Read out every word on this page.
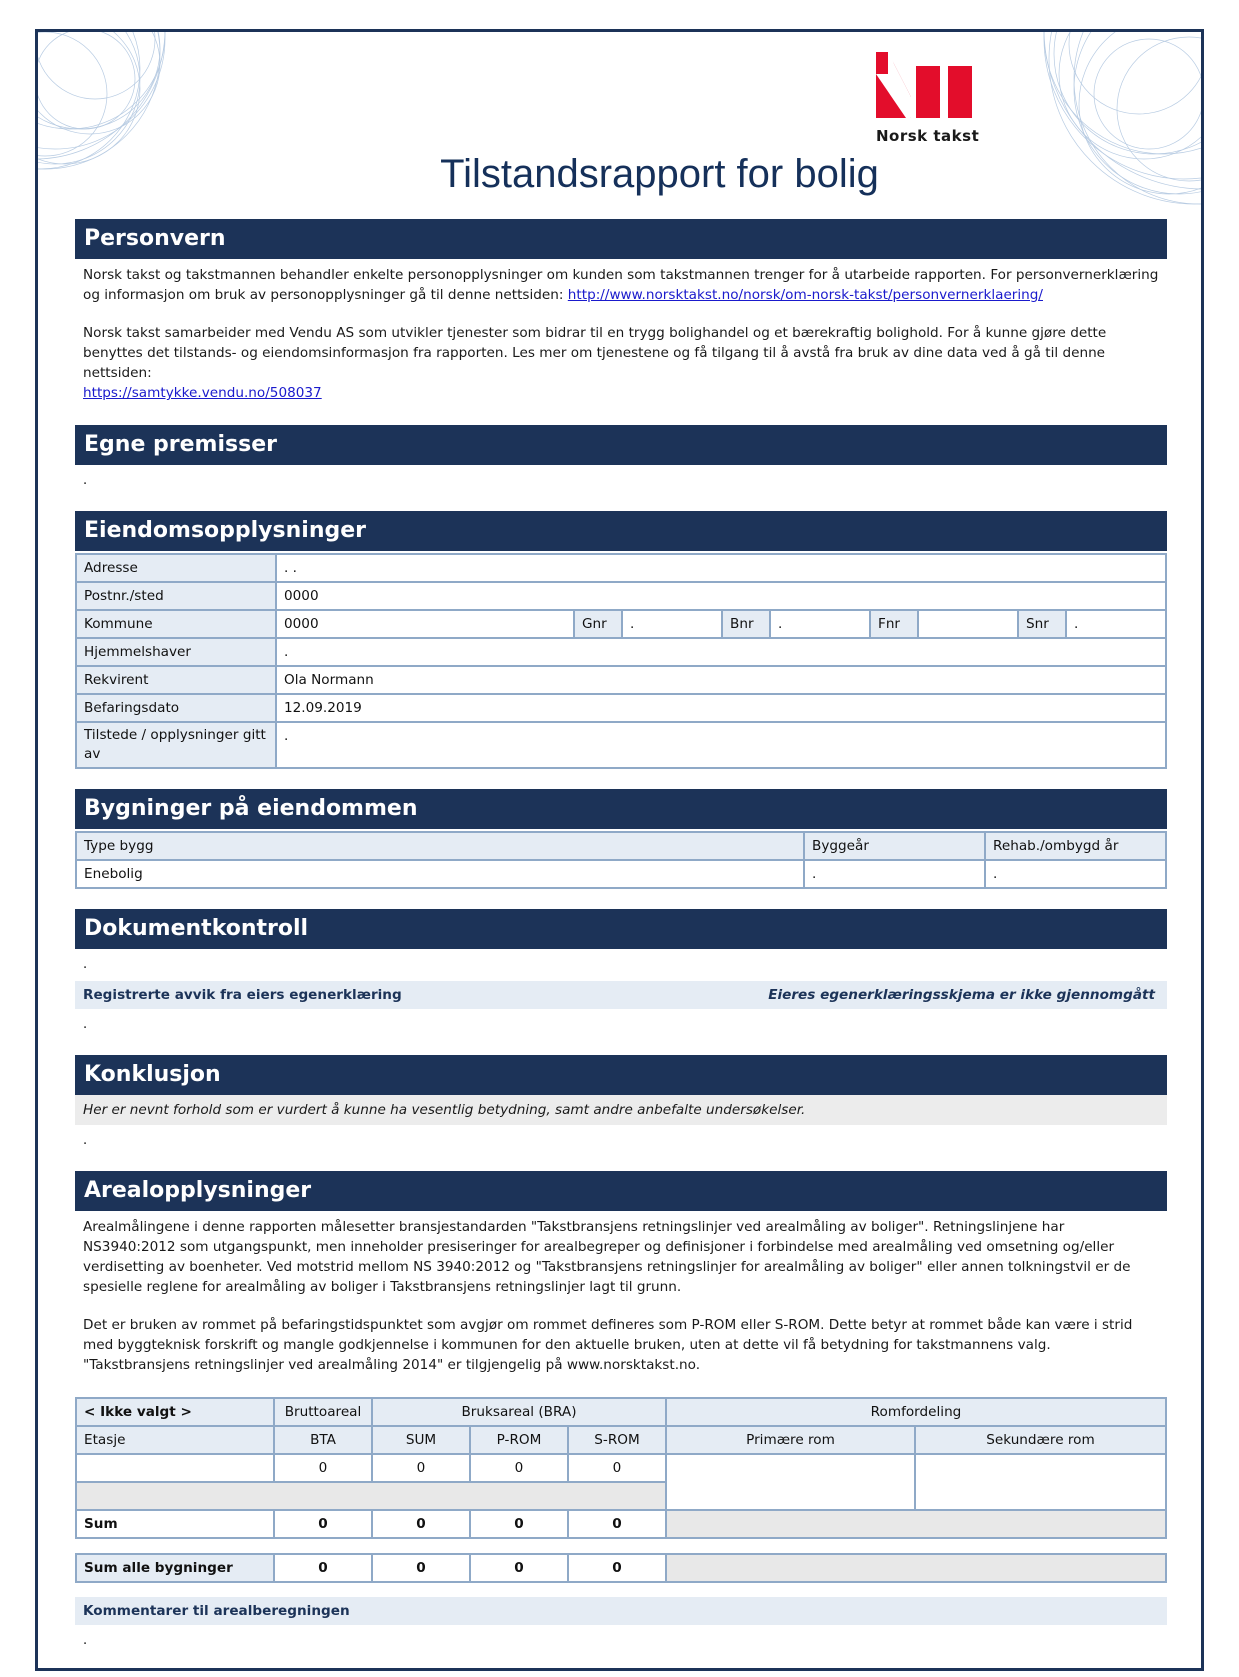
Norsk takst
Tilstandsrapport for bolig
Personvern
Norsk takst og takstmannen behandler enkelte personopplysninger om kunden som takstmannen trenger for å utarbeide rapporten. For personvernerklæring og informasjon om bruk av personopplysninger gå til denne nettsiden: http://www.norsktakst.no/norsk/om-norsk-takst/personvernerklaering/
Norsk takst samarbeider med Vendu AS som utvikler tjenester som bidrar til en trygg bolighandel og et bærekraftig bolighold. For å kunne gjøre dette benyttes det tilstands- og eiendomsinformasjon fra rapporten. Les mer om tjenestene og få tilgang til å avstå fra bruk av dine data ved å gå til denne nettsiden:
https://samtykke.vendu.no/508037
Egne premisser
.
Eiendomsopplysninger
Adresse	. .								
Postnr./sted	0000								
Kommune	0000	Gnr	.	Bnr	.	Fnr		Snr	.
Hjemmelshaver	.								
Rekvirent	Ola Normann								
Befaringsdato	12.09.2019								
Tilstede / opplysninger gitt av	.								
Bygninger på eiendommen
Type bygg	Byggeår	Rehab./ombygd år
Enebolig	.	.
Dokumentkontroll
.
Registrerte avvik fra eiers egenerklæring	Eieres egenerklæringsskjema er ikke gjennomgått
.
Konklusjon
Her er nevnt forhold som er vurdert å kunne ha vesentlig betydning, samt andre anbefalte undersøkelser.
.
Arealopplysninger
Arealmålingene i denne rapporten målesetter bransjestandarden "Takstbransjens retningslinjer ved arealmåling av boliger". Retningslinjene har NS3940:2012 som utgangspunkt, men inneholder presiseringer for arealbegreper og definisjoner i forbindelse med arealmåling ved omsetning og/eller verdisetting av boenheter. Ved motstrid mellom NS 3940:2012 og "Takstbransjens retningslinjer for arealmåling av boliger" eller annen tolkningstvil er de spesielle reglene for arealmåling av boliger i Takstbransjens retningslinjer lagt til grunn.
Det er bruken av rommet på befaringstidspunktet som avgjør om rommet defineres som P-ROM eller S-ROM. Dette betyr at rommet både kan være i strid med byggteknisk forskrift og mangle godkjennelse i kommunen for den aktuelle bruken, uten at dette vil få betydning for takstmannens valg. "Takstbransjens retningslinjer ved arealmåling 2014" er tilgjengelig på www.norsktakst.no.
< Ikke valgt >	Bruttoareal	Bruksareal (BRA)			Romfordeling	
Etasje	BTA	SUM	P-ROM	S-ROM	Primære rom	Sekundære rom
	0	0	0	0		

Sum	0	0	0	0		
Sum alle bygninger	0	0	0	0	
Kommentarer til arealberegningen
.
